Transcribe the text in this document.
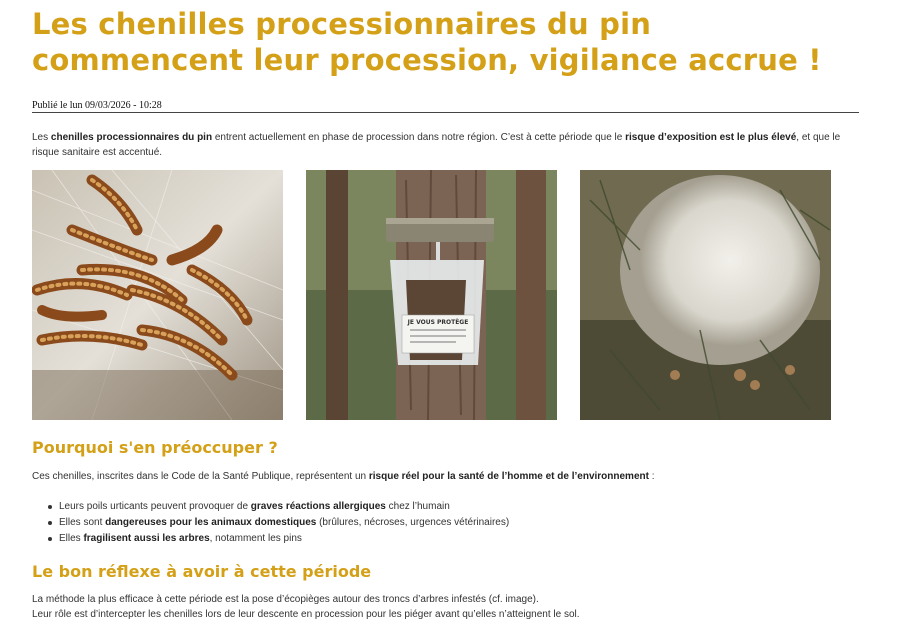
Les chenilles processionnaires du pin commencent leur procession, vigilance accrue !
Publié le lun 09/03/2026 - 10:28

Les chenilles processionnaires du pin entrent actuellement en phase de procession dans notre région. C’est à cette période que le risque d’exposition est le plus élevé, et que le risque sanitaire est accentué.

JE VOUS PROTÈGE
Pourquoi s'en préoccuper ?

Ces chenilles, inscrites dans le Code de la Santé Publique, représentent un risque réel pour la santé de l’homme et de l’environnement :

Leurs poils urticants peuvent provoquer de graves réactions allergiques chez l’humain
Elles sont dangereuses pour les animaux domestiques (brûlures, nécroses, urgences vétérinaires)
Elles fragilisent aussi les arbres, notamment les pins
Le bon réflexe à avoir à cette période

La méthode la plus efficace à cette période est la pose d’écopièges autour des troncs d’arbres infestés (cf. image).
Leur rôle est d’intercepter les chenilles lors de leur descente en procession pour les piéger avant qu’elles n’atteignent le sol.
